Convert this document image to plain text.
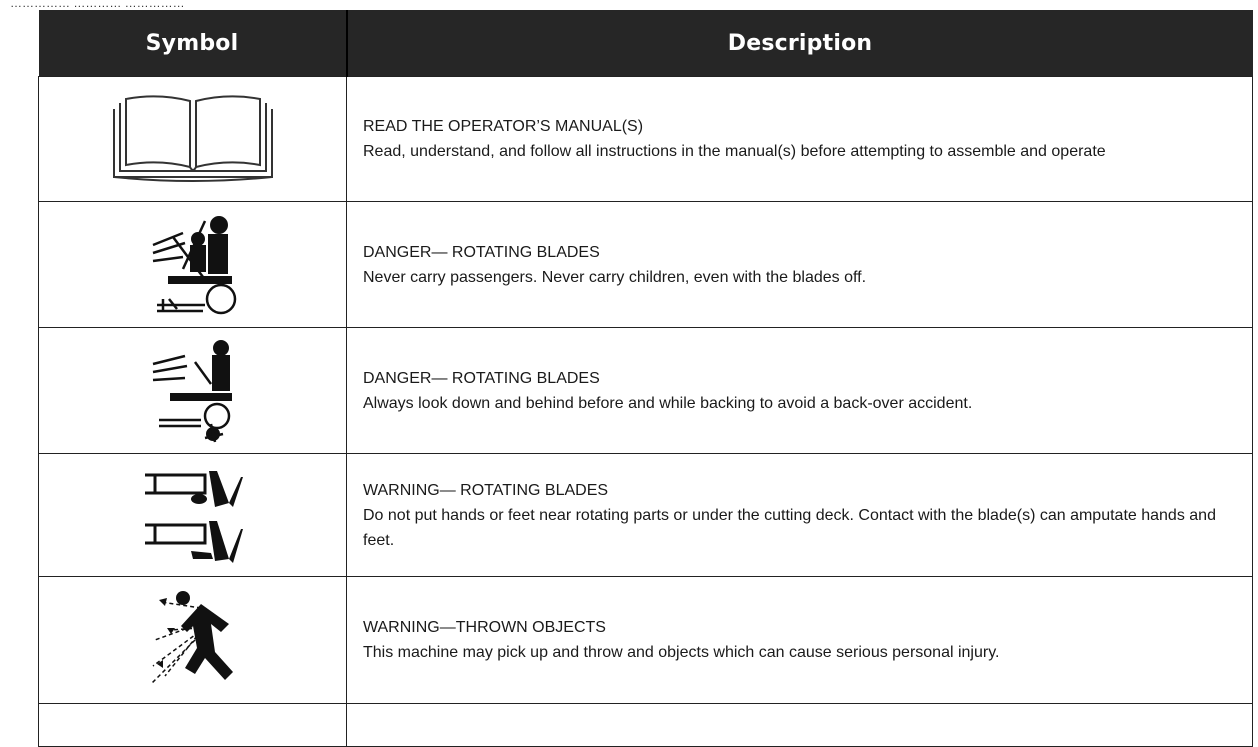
…………… ………… ……………
Symbol	Description

READ THE OPERATOR’S MANUAL(S)
Read, understand, and follow all instructions in the manual(s) before attempting to assemble and operate

DANGER— ROTATING BLADES
Never carry passengers. Never carry children, even with the blades off.

DANGER— ROTATING BLADES
Always look down and behind before and while backing to avoid a back-over accident.

WARNING— ROTATING BLADES
Do not put hands or feet near rotating parts or under the cutting deck. Contact with the blade(s) can amputate hands and feet.

WARNING—THROWN OBJECTS
This machine may pick up and throw and objects which can cause serious personal injury.
